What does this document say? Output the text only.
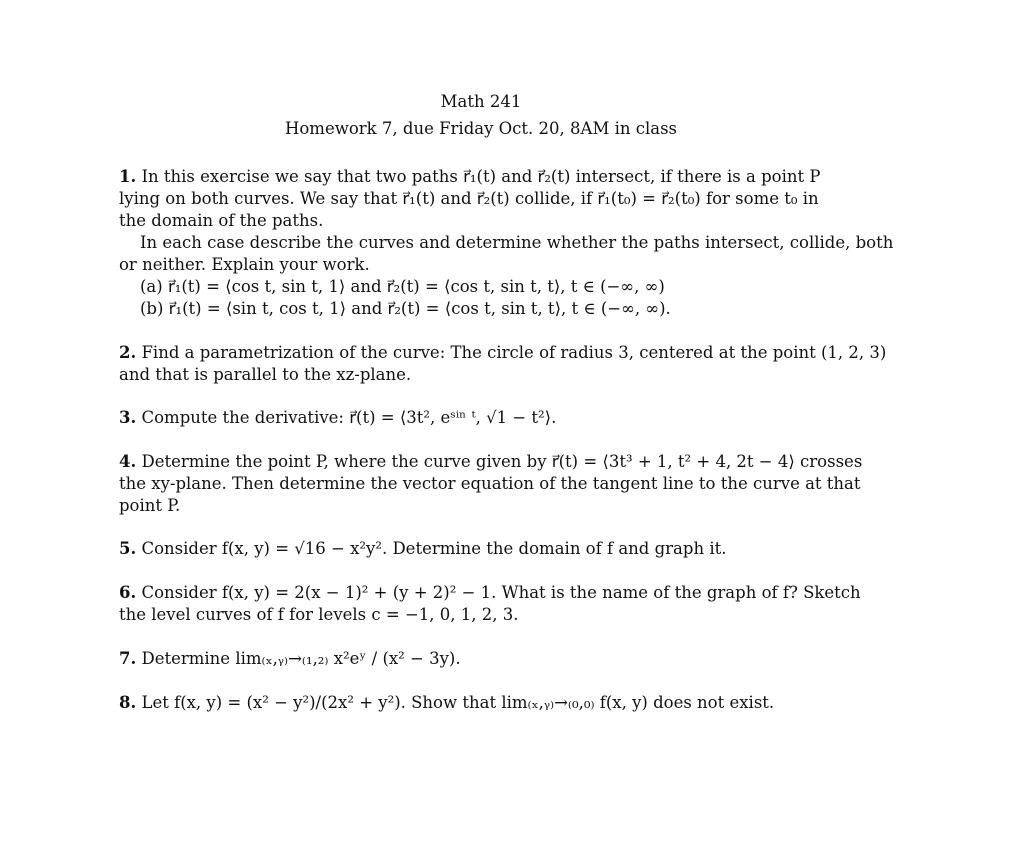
Math 241
Homework 7, due Friday Oct. 20, 8AM in class
1. In this exercise we say that two paths r⃗₁(t) and r⃗₂(t) intersect, if there is a point P
lying on both curves. We say that r⃗₁(t) and r⃗₂(t) collide, if r⃗₁(t₀) = r⃗₂(t₀) for some t₀ in
the domain of the paths.
In each case describe the curves and determine whether the paths intersect, collide, both
or neither. Explain your work.
(a) r⃗₁(t) = ⟨cos t, sin t, 1⟩ and r⃗₂(t) = ⟨cos t, sin t, t⟩, t ∈ (−∞, ∞)
(b) r⃗₁(t) = ⟨sin t, cos t, 1⟩ and r⃗₂(t) = ⟨cos t, sin t, t⟩, t ∈ (−∞, ∞).
2. Find a parametrization of the curve: The circle of radius 3, centered at the point (1, 2, 3)
and that is parallel to the xz-plane.
3. Compute the derivative: r⃗(t) = ⟨3t², eˢⁱⁿ ᵗ, √1 − t²⟩.
4. Determine the point P, where the curve given by r⃗(t) = ⟨3t³ + 1, t² + 4, 2t − 4⟩ crosses
the xy-plane. Then determine the vector equation of the tangent line to the curve at that
point P.
5. Consider f(x, y) = √16 − x²y². Determine the domain of f and graph it.
6. Consider f(x, y) = 2(x − 1)² + (y + 2)² − 1. What is the name of the graph of f? Sketch
the level curves of f for levels c = −1, 0, 1, 2, 3.
7. Determine lim₍ₓ,ᵧ₎→₍₁,₂₎ x²eʸ / (x² − 3y).
8. Let f(x, y) = (x² − y²)/(2x² + y²). Show that lim₍ₓ,ᵧ₎→₍₀,₀₎ f(x, y) does not exist.
